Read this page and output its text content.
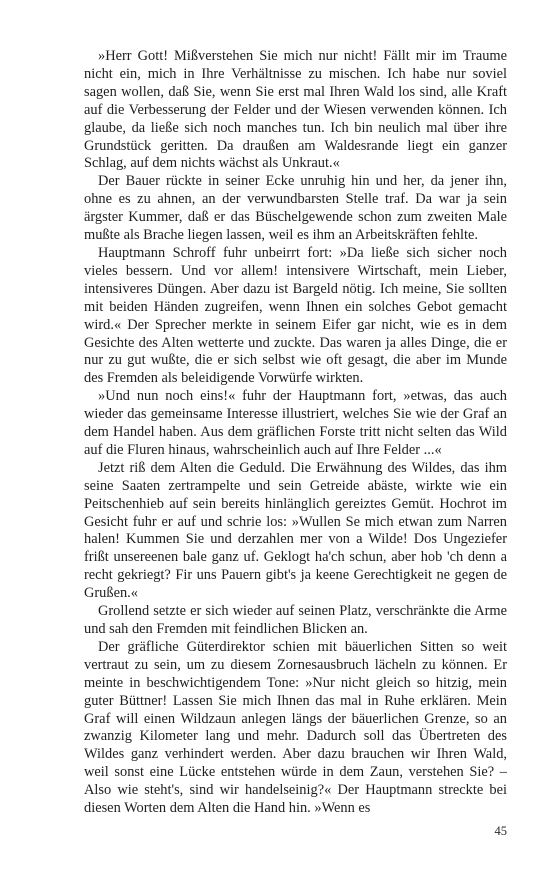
»Herr Gott! Mißverstehen Sie mich nur nicht! Fällt mir im Traume nicht ein, mich in Ihre Verhältnisse zu mischen. Ich habe nur soviel sagen wollen, daß Sie, wenn Sie erst mal Ihren Wald los sind, alle Kraft auf die Verbesserung der Felder und der Wiesen verwenden können. Ich glaube, da ließe sich noch manches tun. Ich bin neulich mal über ihre Grundstück geritten. Da draußen am Waldesrande liegt ein ganzer Schlag, auf dem nichts wächst als Unkraut.«

Der Bauer rückte in seiner Ecke unruhig hin und her, da jener ihn, ohne es zu ahnen, an der verwundbarsten Stelle traf. Da war ja sein ärgster Kummer, daß er das Büschelgewende schon zum zweiten Male mußte als Brache liegen lassen, weil es ihm an Arbeitskräften fehlte.

Hauptmann Schroff fuhr unbeirrt fort: »Da ließe sich sicher noch vieles bessern. Und vor allem! intensivere Wirtschaft, mein Lieber, intensiveres Düngen. Aber dazu ist Bargeld nötig. Ich meine, Sie sollten mit beiden Händen zugreifen, wenn Ihnen ein solches Gebot gemacht wird.« Der Sprecher merkte in seinem Eifer gar nicht, wie es in dem Gesichte des Alten wetterte und zuckte. Das waren ja alles Dinge, die er nur zu gut wußte, die er sich selbst wie oft gesagt, die aber im Munde des Fremden als beleidigende Vorwürfe wirkten.

»Und nun noch eins!« fuhr der Hauptmann fort, »etwas, das auch wieder das gemeinsame Interesse illustriert, welches Sie wie der Graf an dem Handel haben. Aus dem gräflichen Forste tritt nicht selten das Wild auf die Fluren hinaus, wahrscheinlich auch auf Ihre Felder ...«

Jetzt riß dem Alten die Geduld. Die Erwähnung des Wildes, das ihm seine Saaten zertrampelte und sein Getreide abäste, wirkte wie ein Peitschenhieb auf sein bereits hinlänglich gereiztes Gemüt. Hochrot im Gesicht fuhr er auf und schrie los: »Wullen Se mich etwan zum Narren halen! Kummen Sie und derzahlen mer von a Wilde! Dos Ungeziefer frißt unsereenen bale ganz uf. Geklogt ha'ch schun, aber hob 'ch denn a recht gekriegt? Fir uns Pauern gibt's ja keene Gerechtigkeit ne gegen de Grußen.«

Grollend setzte er sich wieder auf seinen Platz, verschränkte die Arme und sah den Fremden mit feindlichen Blicken an.

Der gräfliche Güterdirektor schien mit bäuerlichen Sitten so weit vertraut zu sein, um zu diesem Zornesausbruch lächeln zu können. Er meinte in beschwichtigendem Tone: »Nur nicht gleich so hitzig, mein guter Büttner! Lassen Sie mich Ihnen das mal in Ruhe erklären. Mein Graf will einen Wildzaun anlegen längs der bäuerlichen Grenze, so an zwanzig Kilometer lang und mehr. Dadurch soll das Übertreten des Wildes ganz verhindert werden. Aber dazu brauchen wir Ihren Wald, weil sonst eine Lücke entstehen würde in dem Zaun, verstehen Sie? – Also wie steht's, sind wir handelseinig?« Der Hauptmann streckte bei diesen Worten dem Alten die Hand hin. »Wenn es

45
